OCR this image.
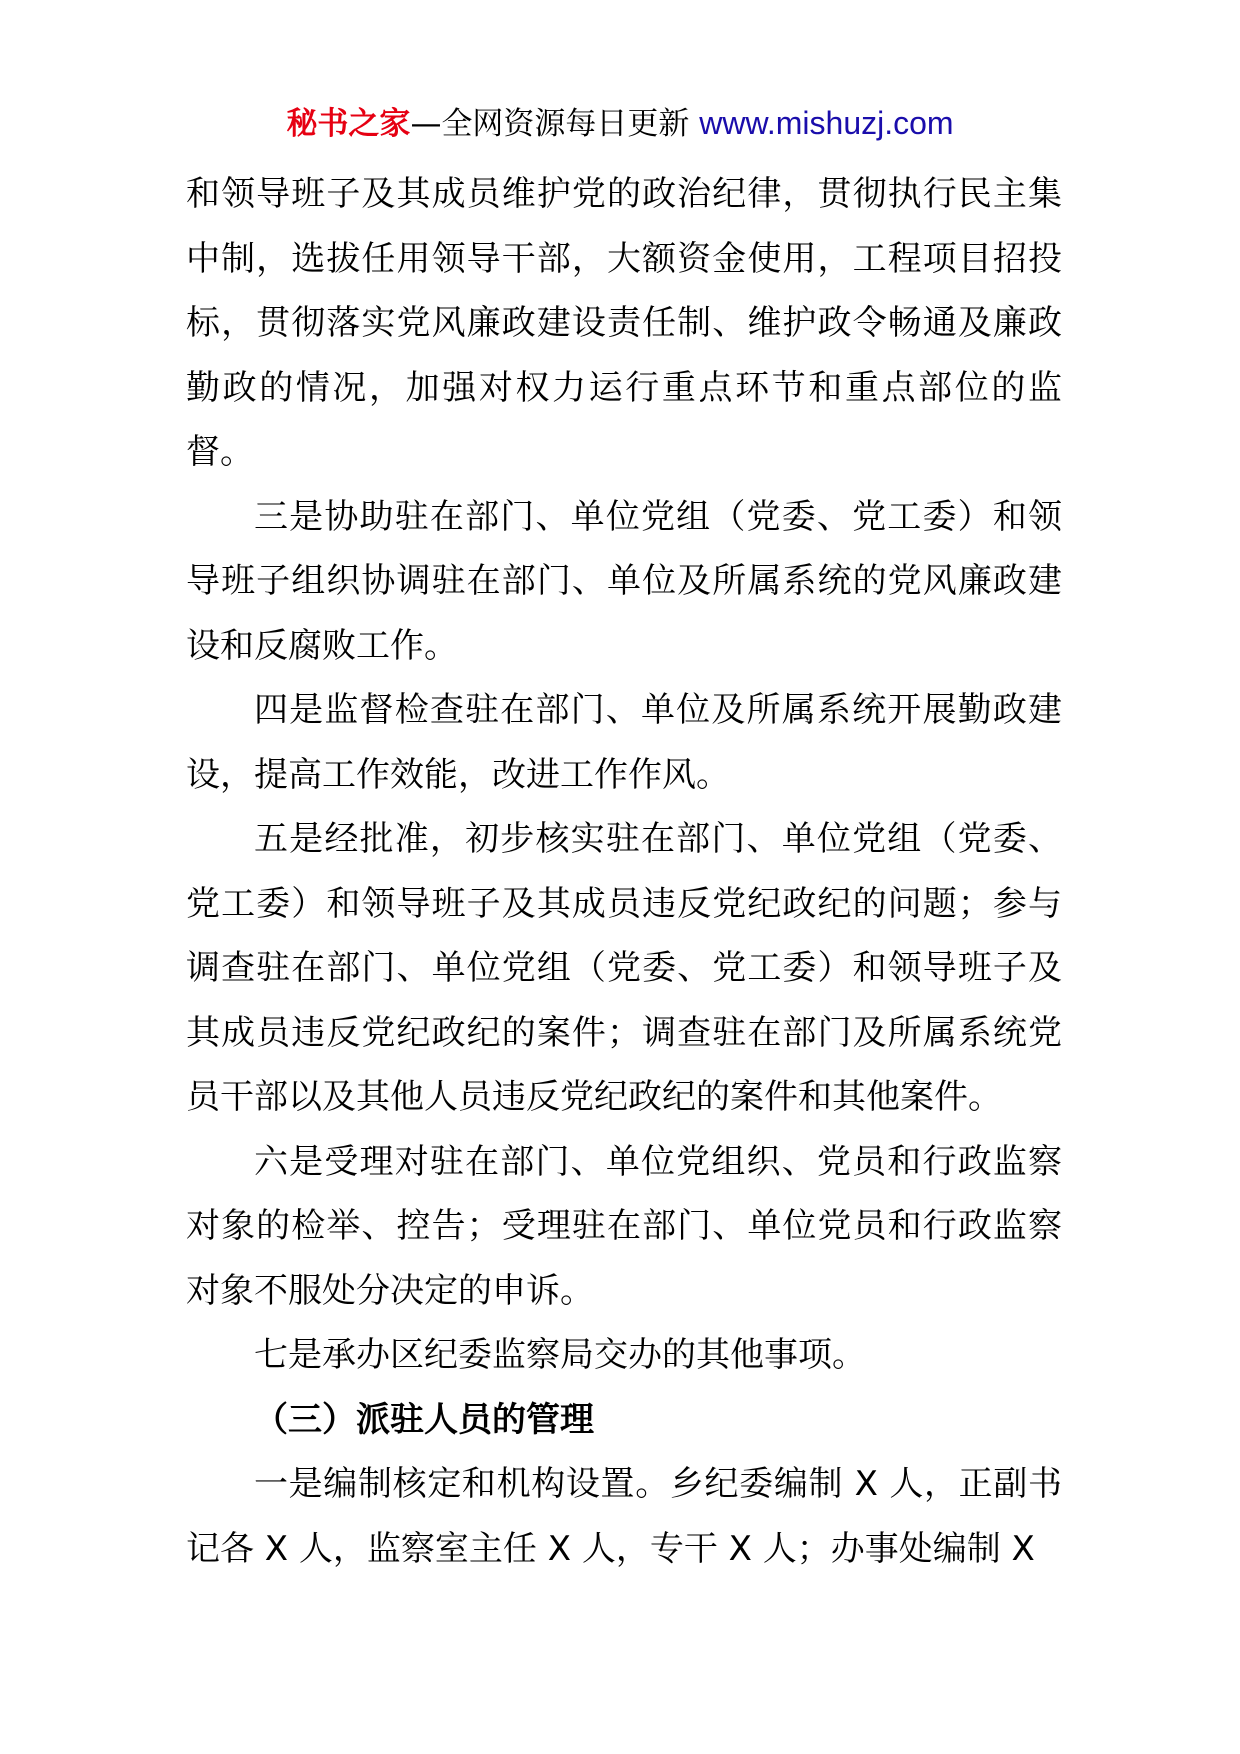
秘书之家—全网资源每日更新 www.mishuzj.com

和领导班子及其成员维护党的政治纪律，贯彻执行民主集中制，选拔任用领导干部，大额资金使用，工程项目招投标，贯彻落实党风廉政建设责任制、维护政令畅通及廉政勤政的情况，加强对权力运行重点环节和重点部位的监督。

三是协助驻在部门、单位党组（党委、党工委）和领导班子组织协调驻在部门、单位及所属系统的党风廉政建设和反腐败工作。

四是监督检查驻在部门、单位及所属系统开展勤政建设，提高工作效能，改进工作作风。

五是经批准，初步核实驻在部门、单位党组（党委、党工委）和领导班子及其成员违反党纪政纪的问题；参与调查驻在部门、单位党组（党委、党工委）和领导班子及其成员违反党纪政纪的案件；调查驻在部门及所属系统党员干部以及其他人员违反党纪政纪的案件和其他案件。

六是受理对驻在部门、单位党组织、党员和行政监察对象的检举、控告；受理驻在部门、单位党员和行政监察对象不服处分决定的申诉。

七是承办区纪委监察局交办的其他事项。

（三）派驻人员的管理

一是编制核定和机构设置。乡纪委编制 X 人，正副书记各 X 人，监察室主任 X 人，专干 X 人；办事处编制 X
